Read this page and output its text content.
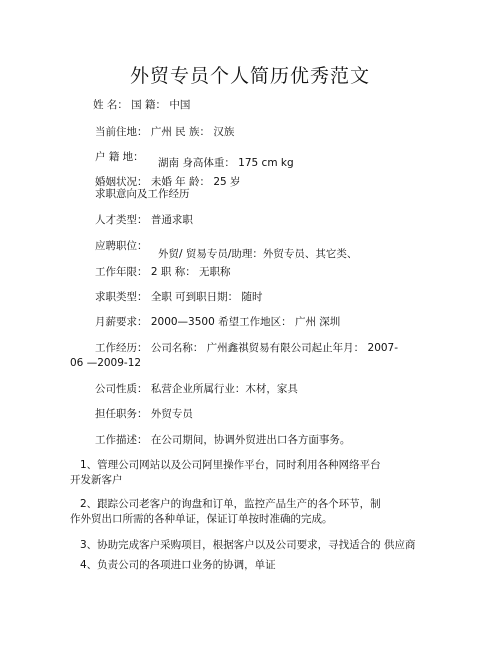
外贸专员个人简历优秀范文
姓 名： 国 籍： 中国
当前住地： 广州 民 族： 汉族
户 籍 地： 湖南 身高体重： 175 cm kg
婚姻状况： 未婚 年 龄： 25 岁
求职意向及工作经历
人才类型： 普通求职
应聘职位：
外贸/ 贸易专员/助理：外贸专员、其它类、
工作年限： 2 职 称： 无职称
求职类型： 全职 可到职日期： 随时
月薪要求： 2000—3500 希望工作地区： 广州 深圳
工作经历： 公司名称： 广州鑫祺贸易有限公司起止年月： 2007-
06 —2009-12
公司性质： 私营企业所属行业：木材，家具
担任职务： 外贸专员
工作描述： 在公司期间，协调外贸进出口各方面事务。
1、管理公司网站以及公司阿里操作平台，同时利用各种网络平台
开发新客户
2、跟踪公司老客户的询盘和订单，监控产品生产的各个环节，制
作外贸出口所需的各种单证，保证订单按时准确的完成。
3、协助完成客户采购项目，根据客户以及公司要求，寻找适合的 供应商
4、负责公司的各项进口业务的协调，单证
